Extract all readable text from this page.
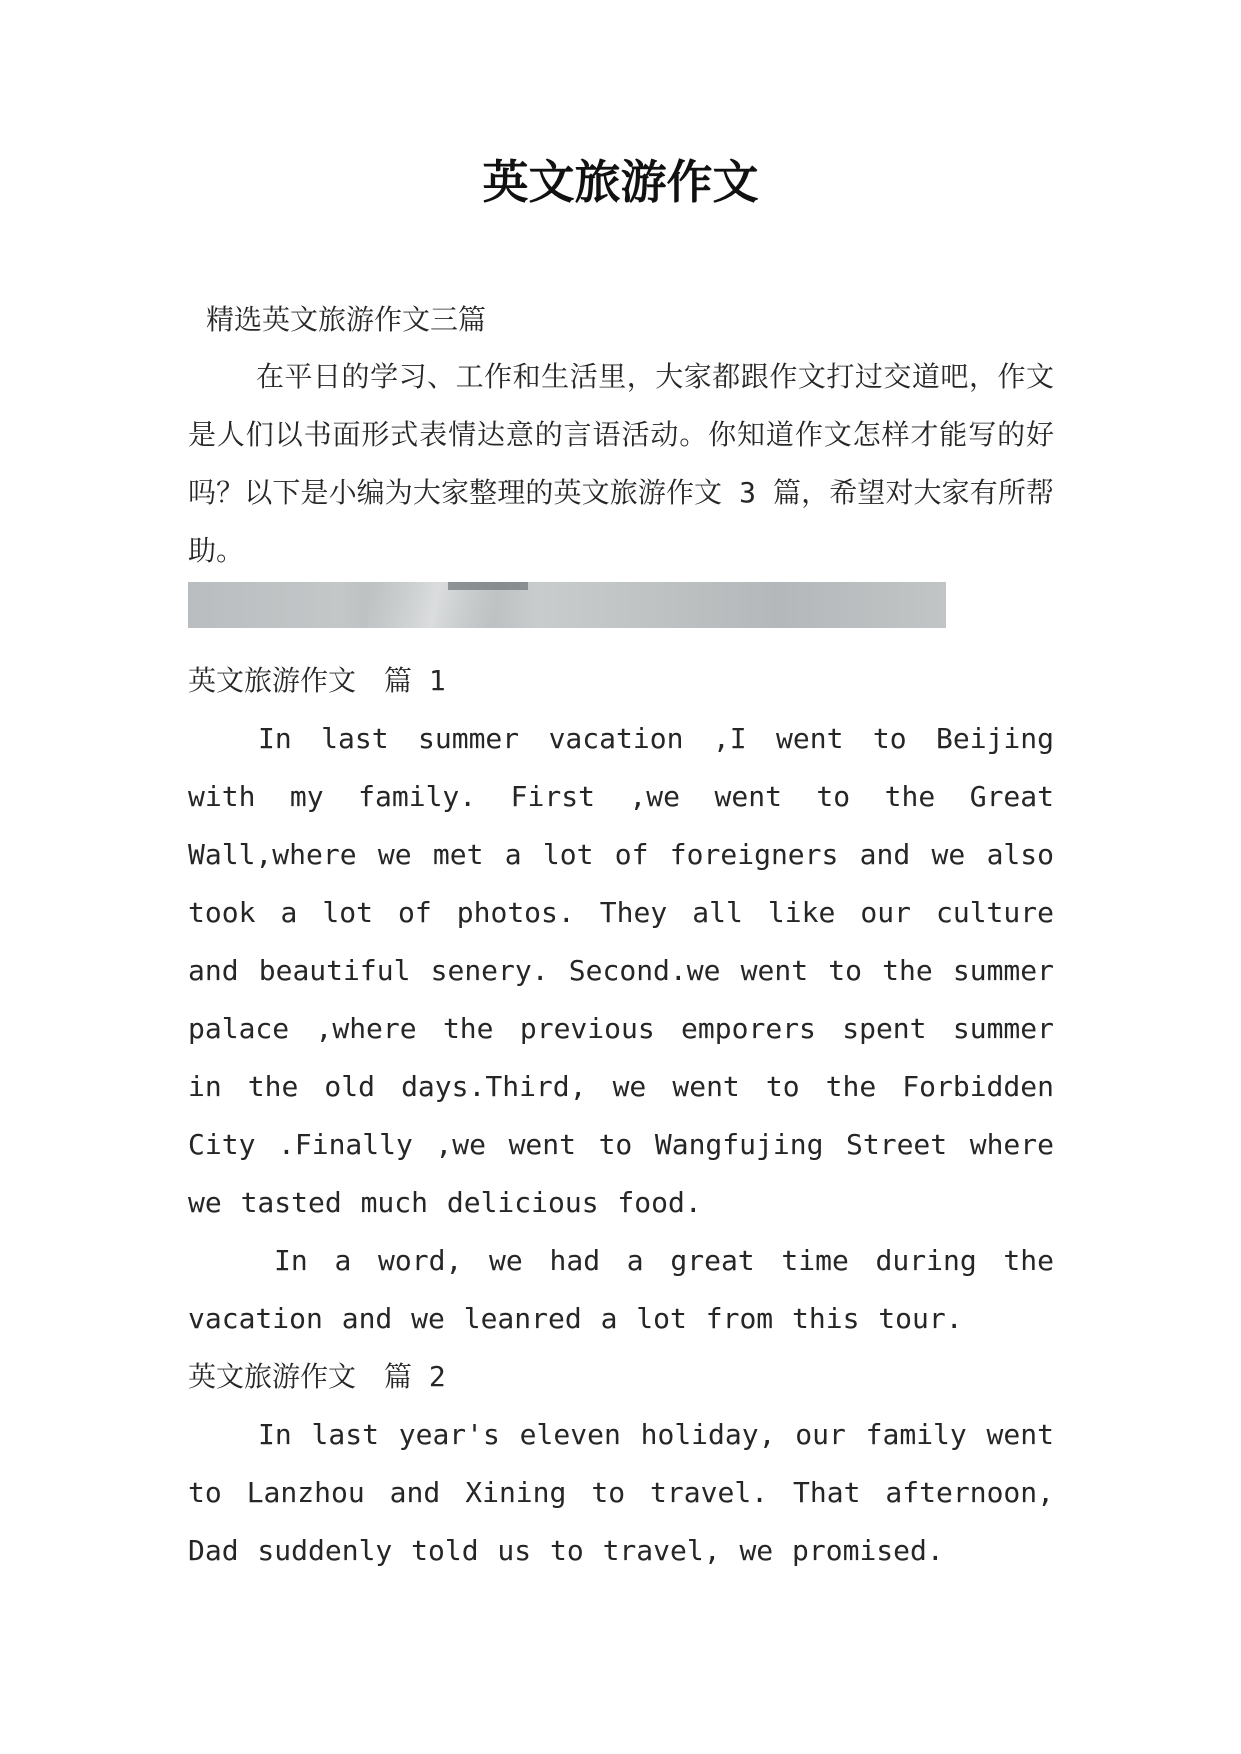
英文旅游作文

精选英文旅游作文三篇

在平日的学习、工作和生活里，大家都跟作文打过交道吧，作文是人们以书面形式表情达意的言语活动。你知道作文怎样才能写的好吗？以下是小编为大家整理的英文旅游作文 3 篇，希望对大家有所帮助。

英文旅游作文　篇 1

In last summer vacation ,I went to Beijing with my family. First ,we went to the Great Wall,where we met a lot of foreigners and we also took a lot of photos. They all like our culture and beautiful senery. Second.we went to the summer palace ,where the previous emporers spent summer in the old days.Third, we went to the Forbidden City .Finally ,we went to Wangfujing Street where we tasted much delicious food.

In a word, we had a great time during the vacation and we leanred a lot from this tour.

英文旅游作文　篇 2

In last year's eleven holiday, our family went to Lanzhou and Xining to travel. That afternoon, Dad suddenly told us to travel, we promised.
